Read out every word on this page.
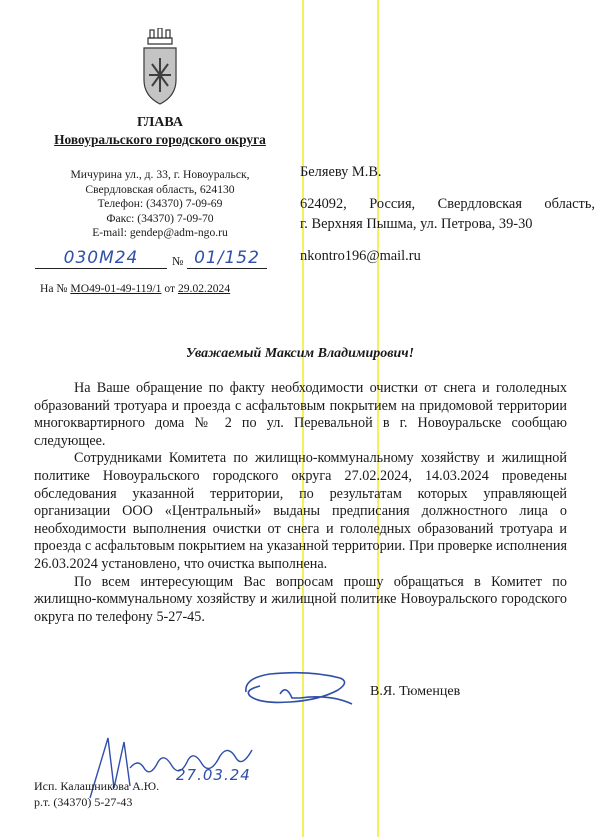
ГЛАВА
Новоуральского городского округа
Мичурина ул., д. 33, г. Новоуральск,
Свердловская область, 624130
Телефон: (34370) 7-09-69
Факс: (34370) 7-09-70
E-mail: gendep@adm-ngo.ru
030M24	№ 01/152
На № МО49-01-49-119/1 от 29.02.2024
Беляеву М.В.
624092, Россия, Свердловская область,
г. Верхняя Пышма, ул. Петрова, 39-30
nkontro196@mail.ru
Уважаемый Максим Владимирович!

На Ваше обращение по факту необходимости очистки от снега и гололедных образований тротуара и проезда с асфальтовым покрытием на придомовой территории многоквартирного дома № 2 по ул. Перевальной в г. Новоуральске сообщаю следующее.

Сотрудниками Комитета по жилищно-коммунальному хозяйству и жилищной политике Новоуральского городского округа 27.02.2024, 14.03.2024 проведены обследования указанной территории, по результатам которых управляющей организации ООО «Центральный» выданы предписания должностного лица о необходимости выполнения очистки от снега и гололедных образований тротуара и проезда с асфальтовым покрытием на указанной территории. При проверке исполнения 26.03.2024 установлено, что очистка выполнена.

По всем интересующим Вас вопросам прошу обращаться в Комитет по жилищно-коммунальному хозяйству и жилищной политике Новоуральского городского округа по телефону 5-27-45.

В.Я. Тюменцев
27.03.24
Исп. Калашникова А.Ю.
р.т. (34370) 5-27-43
